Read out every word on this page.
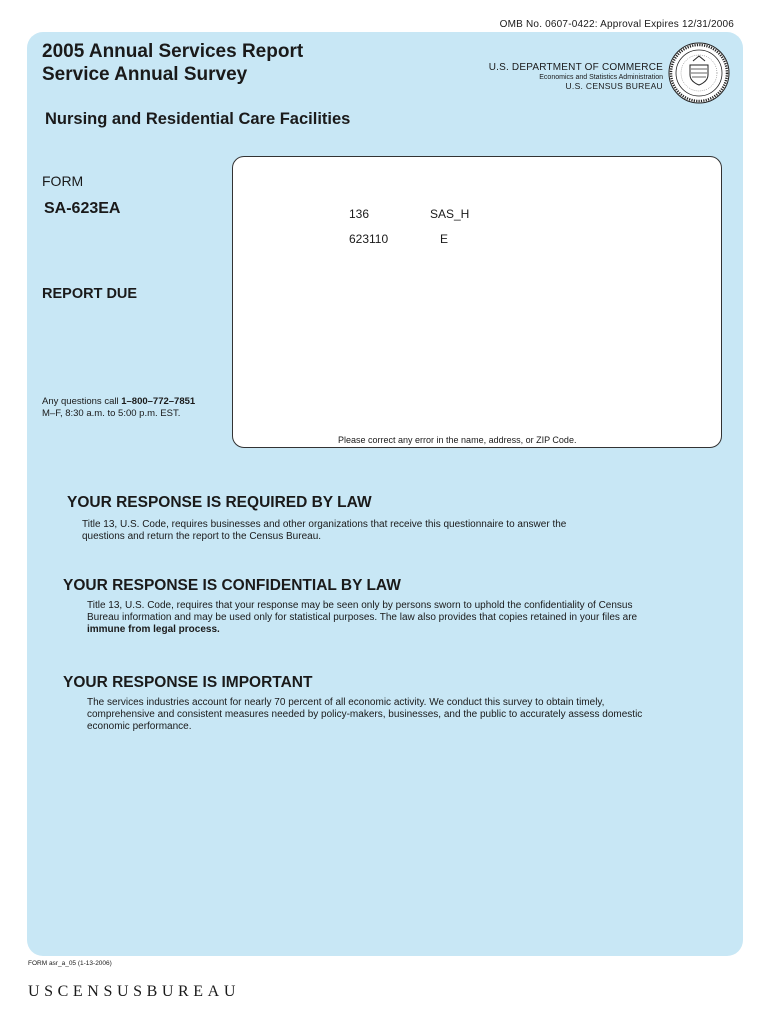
OMB No. 0607-0422: Approval Expires 12/31/2006
2005 Annual Services Report
Service Annual Survey	U.S. DEPARTMENT OF COMMERCE
Economics and Statistics Administration
U.S. CENSUS BUREAU
Nursing and Residential Care Facilities
FORM
SA-623EA
REPORT DUE
Any questions call 1–800–772–7851
M–F, 8:30 a.m. to 5:00 p.m. EST.
136	SAS_H
623110	E
Please correct any error in the name, address, or ZIP Code.
YOUR RESPONSE IS REQUIRED BY LAW
Title 13, U.S. Code, requires businesses and other organizations that receive this questionnaire to answer the
questions and return the report to the Census Bureau.
YOUR RESPONSE IS CONFIDENTIAL BY LAW
Title 13, U.S. Code, requires that your response may be seen only by persons sworn to uphold the confidentiality of Census
Bureau information and may be used only for statistical purposes. The law also provides that copies retained in your files are
immune from legal process.
YOUR RESPONSE IS IMPORTANT
The services industries account for nearly 70 percent of all economic activity. We conduct this survey to obtain timely,
comprehensive and consistent measures needed by policy-makers, businesses, and the public to accurately assess domestic
economic performance.
FORM asr_a_05 (1-13-2006)
USCENSUSBUREAU
